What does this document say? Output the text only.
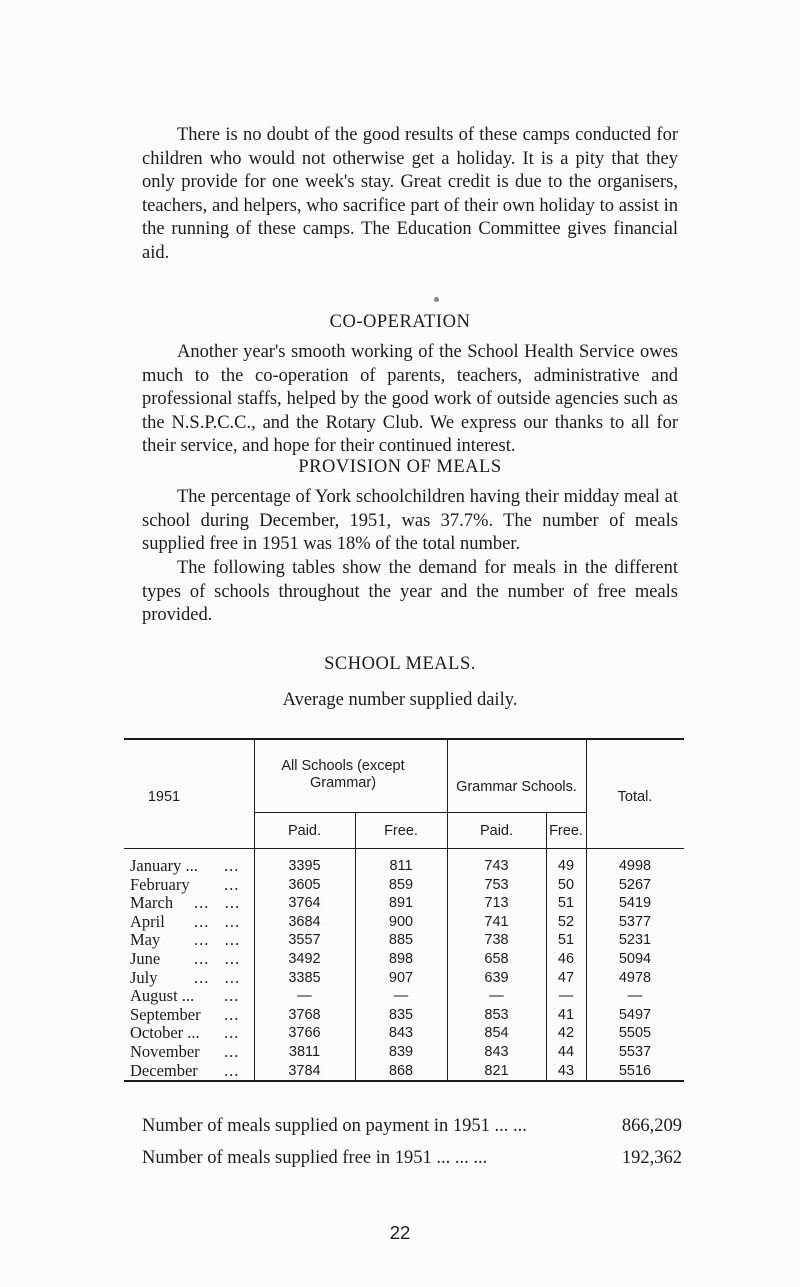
There is no doubt of the good results of these camps conducted for children who would not otherwise get a holiday. It is a pity that they only provide for one week's stay. Great credit is due to the organisers, teachers, and helpers, who sacrifice part of their own holiday to assist in the running of these camps. The Education Committee gives financial aid.

CO-OPERATION

Another year's smooth working of the School Health Service owes much to the co-operation of parents, teachers, administrative and professional staffs, helped by the good work of outside agencies such as the N.S.P.C.C., and the Rotary Club. We express our thanks to all for their service, and hope for their continued interest.

PROVISION OF MEALS

The percentage of York schoolchildren having their midday meal at school during December, 1951, was 37.7%. The number of meals supplied free in 1951 was 18% of the total number.

The following tables show the demand for meals in the different types of schools throughout the year and the number of free meals provided.

SCHOOL MEALS.
Average number supplied daily.
1951
All Schools (except Grammar)	Grammar Schools.
Total.
Paid.	Free.	Paid.	Free.
January ... ...	3395	811	743	49	4998
February ...	3605	859	753	50	5267
March ...   ...	3764	891	713	51	5419
April ...   ...	3684	900	741	52	5377
May ...   ...	3557	885	738	51	5231
June ...   ...	3492	898	658	46	5094
July ...   ...	3385	907	639	47	4978
August ... ...	—	—	—	—	—
September ...	3768	835	853	41	5497
October ... ...	3766	843	854	42	5505
November ...	3811	839	843	44	5537
December ...	3784	868	821	43	5516
Number of meals supplied on payment in 1951 ... ...	866,209
Number of meals supplied free in 1951 ... ... ...	192,362
22
